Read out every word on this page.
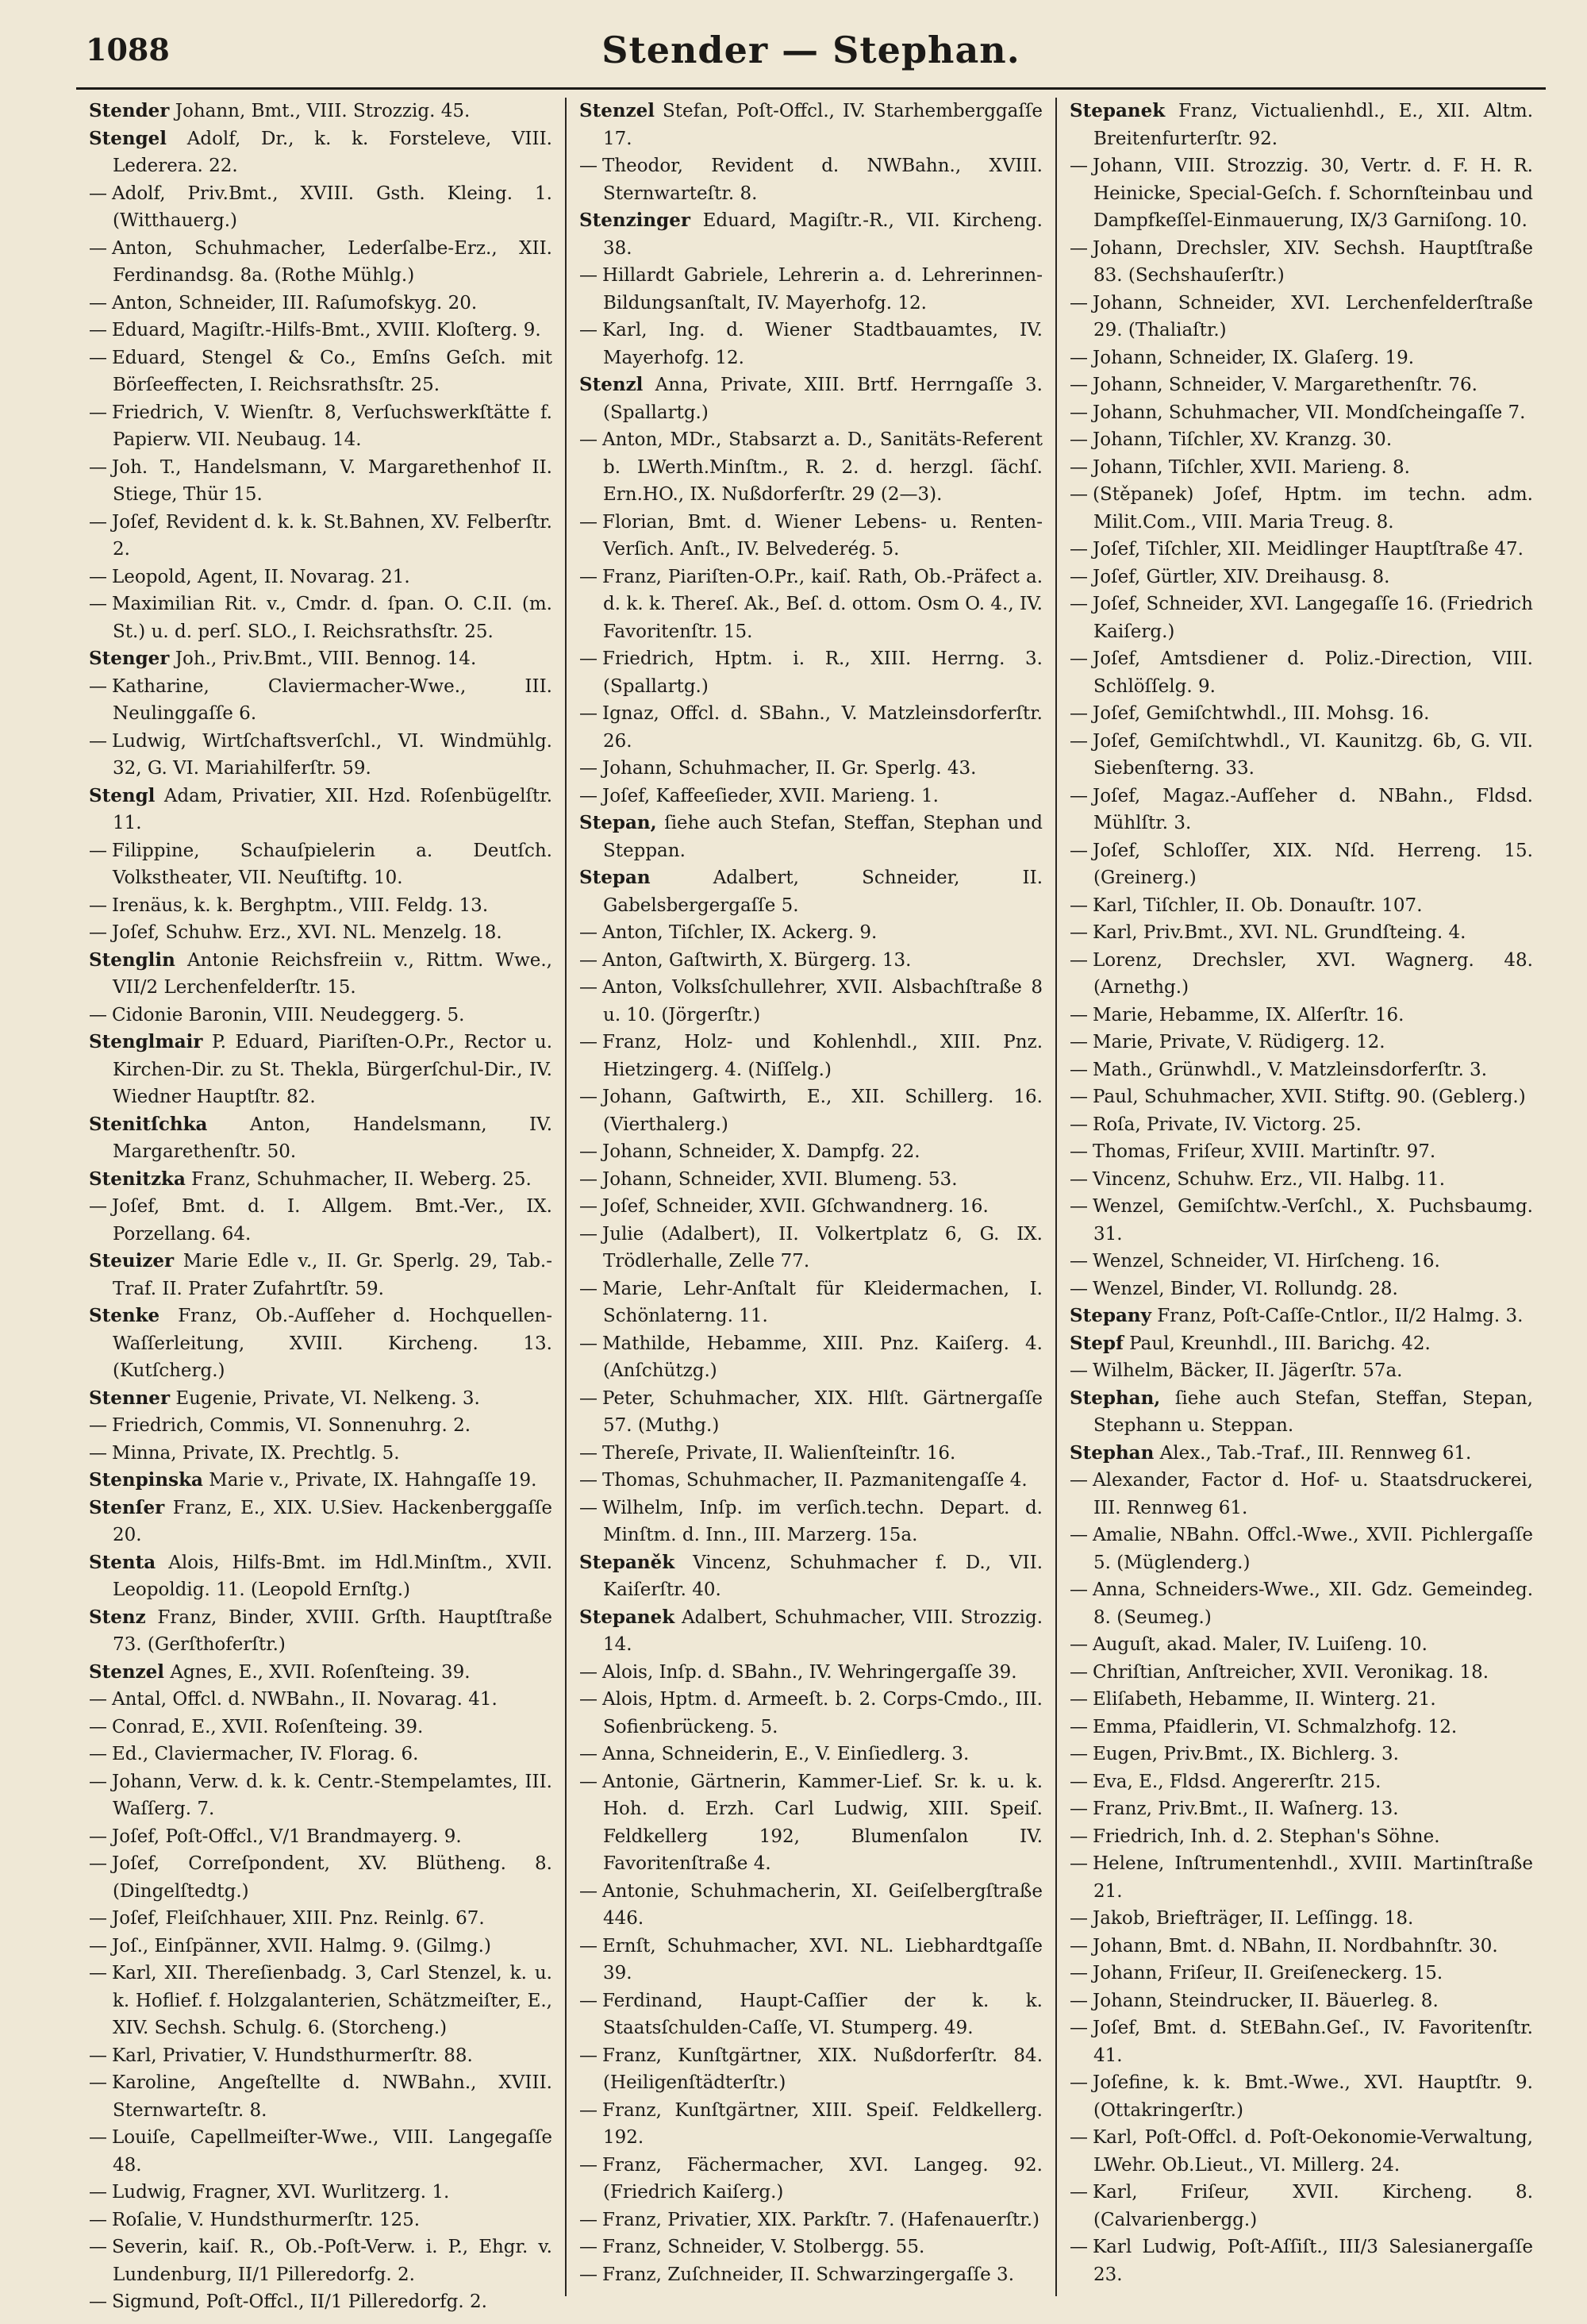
1088	Stender — Stephan.
Stender Johann, Bmt., VIII. Strozzig. 45.
Stengel Adolf, Dr., k. k. Forsteleve, VIII. Lederera. 22.
— Adolf, Priv.Bmt., XVIII. Gsth. Kleing. 1. (Witthauerg.)
— Anton, Schuhmacher, Lederſalbe-Erz., XII. Ferdinandsg. 8a. (Rothe Mühlg.)
— Anton, Schneider, III. Raſumofskyg. 20.
— Eduard, Magiſtr.-Hilfs-Bmt., XVIII. Kloſterg. 9.
— Eduard, Stengel & Co., Emſns Geſch. mit Börſeeffecten, I. Reichsrathsſtr. 25.
— Friedrich, V. Wienſtr. 8, Verſuchswerkſtätte f. Papierw. VII. Neubaug. 14.
— Joh. T., Handelsmann, V. Margarethenhof II. Stiege, Thür 15.
— Joſef, Revident d. k. k. St.Bahnen, XV. Felberſtr. 2.
— Leopold, Agent, II. Novarag. 21.
— Maximilian Rit. v., Cmdr. d. ſpan. O. C.II. (m. St.) u. d. perſ. SLO., I. Reichsrathsſtr. 25.
Stenger Joh., Priv.Bmt., VIII. Bennog. 14.
— Katharine, Claviermacher-Wwe., III. Neulinggaſſe 6.
— Ludwig, Wirtſchaftsverſchl., VI. Windmühlg. 32, G. VI. Mariahilferſtr. 59.
Stengl Adam, Privatier, XII. Hzd. Roſenbügelſtr. 11.
— Filippine, Schauſpielerin a. Deutſch. Volkstheater, VII. Neuſtiftg. 10.
— Irenäus, k. k. Berghptm., VIII. Feldg. 13.
— Joſef, Schuhw. Erz., XVI. NL. Menzelg. 18.
Stenglin Antonie Reichsfreiin v., Rittm. Wwe., VII/2 Lerchenfelderſtr. 15.
— Cidonie Baronin, VIII. Neudeggerg. 5.
Stenglmair P. Eduard, Piariſten-O.Pr., Rector u. Kirchen-Dir. zu St. Thekla, Bürgerſchul-Dir., IV. Wiedner Hauptſtr. 82.
Stenitſchka Anton, Handelsmann, IV. Margarethenſtr. 50.
Stenitzka Franz, Schuhmacher, II. Weberg. 25.
— Joſef, Bmt. d. I. Allgem. Bmt.-Ver., IX. Porzellang. 64.
Steuizer Marie Edle v., II. Gr. Sperlg. 29, Tab.-Traf. II. Prater Zufahrtſtr. 59.
Stenke Franz, Ob.-Aufſeher d. Hochquellen-Waſſerleitung, XVIII. Kircheng. 13. (Kutſcherg.)
Stenner Eugenie, Private, VI. Nelkeng. 3.
— Friedrich, Commis, VI. Sonnenuhrg. 2.
— Minna, Private, IX. Prechtlg. 5.
Stenpinska Marie v., Private, IX. Hahngaſſe 19.
Stenſer Franz, E., XIX. U.Siev. Hackenberggaſſe 20.
Stenta Alois, Hilfs-Bmt. im Hdl.Minſtm., XVII. Leopoldig. 11. (Leopold Ernſtg.)
Stenz Franz, Binder, XVIII. Grſth. Hauptſtraße 73. (Gerſthoferſtr.)
Stenzel Agnes, E., XVII. Roſenſteing. 39.
— Antal, Offcl. d. NWBahn., II. Novarag. 41.
— Conrad, E., XVII. Roſenſteing. 39.
— Ed., Claviermacher, IV. Florag. 6.
— Johann, Verw. d. k. k. Centr.-Stempelamtes, III. Waſſerg. 7.
— Joſef, Poſt-Offcl., V/1 Brandmayerg. 9.
— Joſef, Correſpondent, XV. Blütheng. 8. (Dingelſtedtg.)
— Joſef, Fleiſchhauer, XIII. Pnz. Reinlg. 67.
— Joſ., Einſpänner, XVII. Halmg. 9. (Gilmg.)
— Karl, XII. Thereſienbadg. 3, Carl Stenzel, k. u. k. Hoflief. f. Holzgalanterien, Schätzmeiſter, E., XIV. Sechsh. Schulg. 6. (Storcheng.)
— Karl, Privatier, V. Hundsthurmerſtr. 88.
— Karoline, Angeſtellte d. NWBahn., XVIII. Sternwarteſtr. 8.
— Louiſe, Capellmeiſter-Wwe., VIII. Langegaſſe 48.
— Ludwig, Fragner, XVI. Wurlitzerg. 1.
— Roſalie, V. Hundsthurmerſtr. 125.
— Severin, kaiſ. R., Ob.-Poſt-Verw. i. P., Ehgr. v. Lundenburg, II/1 Pilleredorfg. 2.
— Sigmund, Poſt-Offcl., II/1 Pilleredorfg. 2.
Stenzel Stefan, Poſt-Offcl., IV. Starhemberggaſſe 17.
— Theodor, Revident d. NWBahn., XVIII. Sternwarteſtr. 8.
Stenzinger Eduard, Magiſtr.-R., VII. Kircheng. 38.
— Hillardt Gabriele, Lehrerin a. d. Lehrerinnen-Bildungsanſtalt, IV. Mayerhofg. 12.
— Karl, Ing. d. Wiener Stadtbauamtes, IV. Mayerhofg. 12.
Stenzl Anna, Private, XIII. Brtf. Herrngaſſe 3. (Spallartg.)
— Anton, MDr., Stabsarzt a. D., Sanitäts-Referent b. LWerth.Minſtm., R. 2. d. herzgl. ſächſ. Ern.HO., IX. Nußdorferſtr. 29 (2—3).
— Florian, Bmt. d. Wiener Lebens- u. Renten-Verſich. Anſt., IV. Belvederég. 5.
— Franz, Piariſten-O.Pr., kaiſ. Rath, Ob.-Präfect a. d. k. k. Thereſ. Ak., Beſ. d. ottom. Osm O. 4., IV. Favoritenſtr. 15.
— Friedrich, Hptm. i. R., XIII. Herrng. 3. (Spallartg.)
— Ignaz, Offcl. d. SBahn., V. Matzleinsdorferſtr. 26.
— Johann, Schuhmacher, II. Gr. Sperlg. 43.
— Joſef, Kaffeeſieder, XVII. Marieng. 1.
Stepan, ſiehe auch Stefan, Steffan, Stephan und Steppan.
Stepan	Adalbert, Schneider, II. Gabelsbergergaſſe 5.
— Anton, Tiſchler, IX. Ackerg. 9.
— Anton, Gaſtwirth, X. Bürgerg. 13.
— Anton, Volksſchullehrer, XVII. Alsbachſtraße 8 u. 10. (Jörgerſtr.)
— Franz, Holz- und Kohlenhdl., XIII. Pnz. Hietzingerg. 4. (Niſſelg.)
— Johann, Gaſtwirth, E., XII. Schillerg. 16. (Vierthalerg.)
— Johann, Schneider, X. Dampfg. 22.
— Johann, Schneider, XVII. Blumeng. 53.
— Joſef, Schneider, XVII. Gſchwandnerg. 16.
— Julie (Adalbert), II. Volkertplatz 6, G. IX. Trödlerhalle, Zelle 77.
— Marie, Lehr-Anſtalt für Kleidermachen, I. Schönlaterng. 11.
— Mathilde, Hebamme, XIII. Pnz. Kaiſerg. 4. (Anſchützg.)
— Peter, Schuhmacher, XIX. Hlſt. Gärtnergaſſe 57. (Muthg.)
— Thereſe, Private, II. Walienſteinſtr. 16.
— Thomas, Schuhmacher, II. Pazmanitengaſſe 4.
— Wilhelm, Inſp. im verſich.techn. Depart. d. Minſtm. d. Inn., III. Marzerg. 15a.
Stepaněk Vincenz, Schuhmacher f. D., VII. Kaiſerſtr. 40.
Stepanek Adalbert, Schuhmacher, VIII. Strozzig. 14.
— Alois, Inſp. d. SBahn., IV. Wehringergaſſe 39.
— Alois, Hptm. d. Armeeſt. b. 2. Corps-Cmdo., III. Sofienbrückeng. 5.
— Anna, Schneiderin, E., V. Einſiedlerg. 3.
— Antonie, Gärtnerin, Kammer-Lief. Sr. k. u. k. Hoh. d. Erzh. Carl Ludwig, XIII. Speiſ. Feldkellerg 192, Blumenſalon IV. Favoritenſtraße 4.
— Antonie, Schuhmacherin, XI. Geiſelbergſtraße 446.
— Ernſt, Schuhmacher, XVI. NL. Liebhardtgaſſe 39.
— Ferdinand, Haupt-Caſſier der k. k. Staatsſchulden-Caſſe, VI. Stumperg. 49.
— Franz, Kunſtgärtner, XIX. Nußdorferſtr. 84. (Heiligenſtädterſtr.)
— Franz, Kunſtgärtner, XIII. Speiſ. Feldkellerg. 192.
— Franz, Fächermacher, XVI. Langeg. 92. (Friedrich Kaiſerg.)
— Franz, Privatier, XIX. Parkſtr. 7. (Hafenauerſtr.)
— Franz, Schneider, V. Stolbergg. 55.
— Franz, Zuſchneider, II. Schwarzingergaſſe 3.
Stepanek Franz, Victualienhdl., E., XII. Altm. Breitenfurterſtr. 92.
— Johann, VIII. Strozzig. 30, Vertr. d. F. H. R. Heinicke, Special-Geſch. f. Schornſteinbau und Dampfkeſſel-Einmauerung, IX/3 Garniſong. 10.
— Johann, Drechsler, XIV. Sechsh. Hauptſtraße 83. (Sechshauſerſtr.)
— Johann, Schneider, XVI. Lerchenfelderſtraße 29. (Thaliaſtr.)
— Johann, Schneider, IX. Glaſerg. 19.
— Johann, Schneider, V. Margarethenſtr. 76.
— Johann, Schuhmacher, VII. Mondſcheingaſſe 7.
— Johann, Tiſchler, XV. Kranzg. 30.
— Johann, Tiſchler, XVII. Marieng. 8.
— (Stěpanek) Joſef, Hptm. im techn. adm. Milit.Com., VIII. Maria Treug. 8.
— Joſef, Tiſchler, XII. Meidlinger Hauptſtraße 47.
— Joſef, Gürtler, XIV. Dreihausg. 8.
— Joſef, Schneider, XVI. Langegaſſe 16. (Friedrich Kaiſerg.)
— Joſef, Amtsdiener d. Poliz.-Direction, VIII. Schlöſſelg. 9.
— Joſef, Gemiſchtwhdl., III. Mohsg. 16.
— Joſef, Gemiſchtwhdl., VI. Kaunitzg. 6b, G. VII. Siebenſterng. 33.
— Joſef, Magaz.-Aufſeher d. NBahn., Fldsd. Mühlſtr. 3.
— Joſef, Schloſſer, XIX. Nſd. Herreng. 15. (Greinerg.)
— Karl, Tiſchler, II. Ob. Donauſtr. 107.
— Karl, Priv.Bmt., XVI. NL. Grundſteing. 4.
— Lorenz, Drechsler, XVI. Wagnerg. 48. (Arnethg.)
— Marie, Hebamme, IX. Alſerſtr. 16.
— Marie, Private, V. Rüdigerg. 12.
— Math., Grünwhdl., V. Matzleinsdorferſtr. 3.
— Paul, Schuhmacher, XVII. Stiftg. 90. (Geblerg.)
— Roſa, Private, IV. Victorg. 25.
— Thomas, Friſeur, XVIII. Martinſtr. 97.
— Vincenz, Schuhw. Erz., VII. Halbg. 11.
— Wenzel, Gemiſchtw.-Verſchl., X. Puchsbaumg. 31.
— Wenzel, Schneider, VI. Hirſcheng. 16.
— Wenzel, Binder, VI. Rollundg. 28.
Stepany Franz, Poſt-Caſſe-Cntlor., II/2 Halmg. 3.
Stepf Paul, Kreunhdl., III. Barichg. 42.
— Wilhelm, Bäcker, II. Jägerſtr. 57a.
Stephan, ſiehe auch Stefan, Steffan, Stepan, Stephann u. Steppan.
Stephan Alex., Tab.-Traf., III. Rennweg 61.
— Alexander, Factor d. Hof- u. Staatsdruckerei, III. Rennweg 61.
— Amalie, NBahn. Offcl.-Wwe., XVII. Pichlergaſſe 5. (Müglenderg.)
— Anna, Schneiders-Wwe., XII. Gdz. Gemeindeg. 8. (Seumeg.)
— Auguſt, akad. Maler, IV. Luiſeng. 10.
— Chriſtian, Anſtreicher, XVII. Veronikag. 18.
— Eliſabeth, Hebamme, II. Winterg. 21.
— Emma, Pfaidlerin, VI. Schmalzhofg. 12.
— Eugen, Priv.Bmt., IX. Bichlerg. 3.
— Eva, E., Fldsd. Angererſtr. 215.
— Franz, Priv.Bmt., II. Waſnerg. 13.
— Friedrich, Inh. d. 2. Stephan's Söhne.
— Helene, Inſtrumentenhdl., XVIII. Martinſtraße 21.
— Jakob, Briefträger, II. Leſſingg. 18.
— Johann, Bmt. d. NBahn, II. Nordbahnſtr. 30.
— Johann, Friſeur, II. Greiſeneckerg. 15.
— Johann, Steindrucker, II. Bäuerleg. 8.
— Joſef, Bmt. d. StEBahn.Geſ., IV. Favoritenſtr. 41.
— Joſefine, k. k. Bmt.-Wwe., XVI. Hauptſtr. 9. (Ottakringerſtr.)
— Karl, Poſt-Offcl. d. Poſt-Oekonomie-Verwaltung, LWehr. Ob.Lieut., VI. Millerg. 24.
— Karl, Friſeur, XVII. Kircheng. 8. (Calvarienbergg.)
— Karl Ludwig, Poſt-Aſſiſt., III/3 Salesianergaſſe 23.
